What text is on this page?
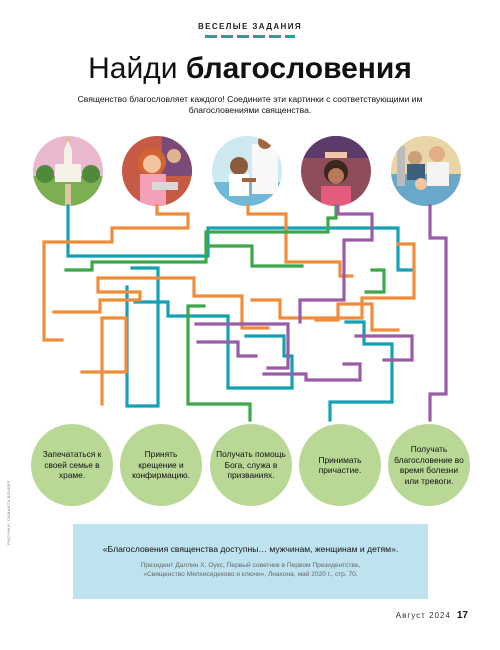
ВЕСЕЛЫЕ ЗАДАНИЯ
Найди благословения
Священство благословляет каждого! Соедините эти картинки с соответствующими им благословениями священства.
Запечататься к своей семье в храме.
Принять крещение и конфирмацию.
Получать помощь Бога, служа в призваниях.
Принимать причастие.
Получать благословение во время болезни или тревоги.
«Благословения священства доступны… мужчинам, женщинам и детям».
Президент Даллин Х. Оукс, Первый советник в Первом Президентстве,
«Священство Мелхиседеково и ключи», Лиахона, май 2020 г., стр. 70.
РИСУНКИ: САМАНТА БОЧКЕР
Август 2024 17
